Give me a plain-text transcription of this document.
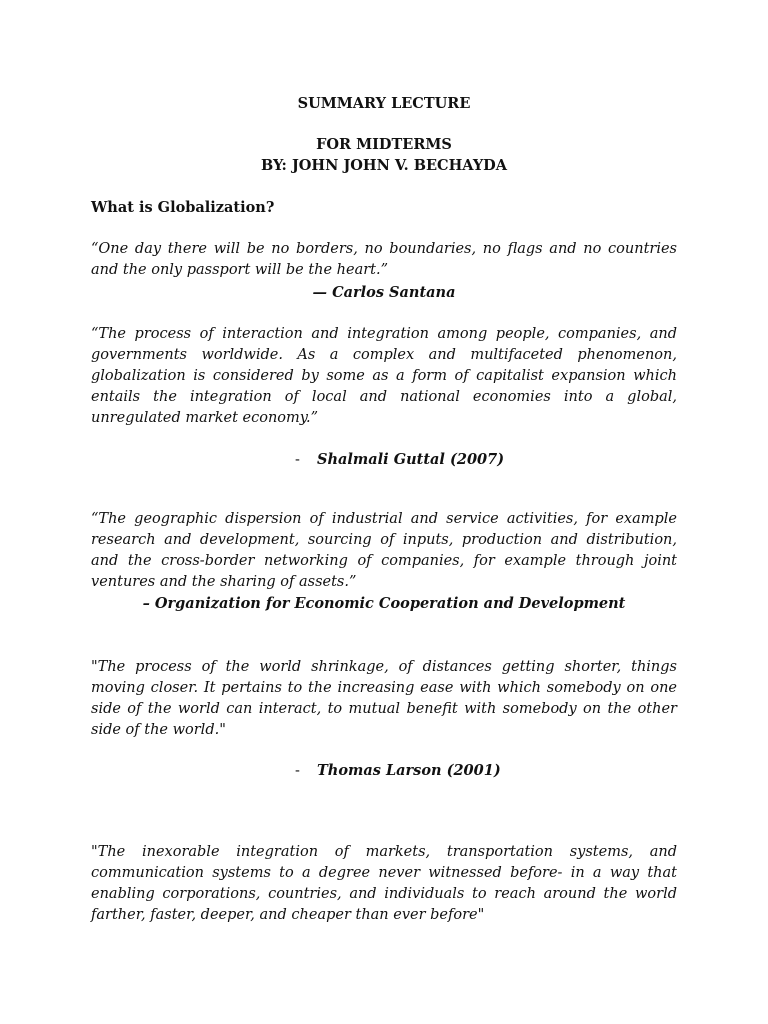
SUMMARY LECTURE

FOR MIDTERMS

BY: JOHN JOHN V. BECHAYDA

What is Globalization?

“One day there will be no borders, no boundaries, no flags and no countries and the only passport will be the heart.”

— Carlos Santana

“The process of interaction and integration among people, companies, and governments worldwide. As a complex and multifaceted phenomenon, globalization is considered by some as a form of capitalist expansion which entails the integration of local and national economies into a global, unregulated market economy.”

- Shalmali Guttal (2007)

“The geographic dispersion of industrial and service activities, for example research and development, sourcing of inputs, production and distribution, and the cross-border networking of companies, for example through joint ventures and the sharing of assets.”

– Organization for Economic Cooperation and Development

"The process of the world shrinkage, of distances getting shorter, things moving closer. It pertains to the increasing ease with which somebody on one side of the world can interact, to mutual benefit with somebody on the other side of the world."

- Thomas Larson (2001)

"The inexorable integration of markets, transportation systems, and communication systems to a degree never witnessed before- in a way that enabling corporations, countries, and individuals to reach around the world farther, faster, deeper, and cheaper than ever before"
